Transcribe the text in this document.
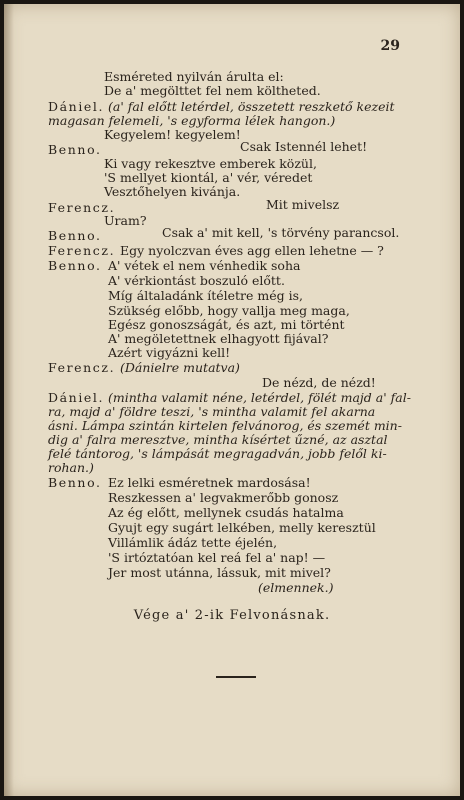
29
Esméreted nyilván árulta el:
De a' megölttet fel nem költheted.
Dániel. (a' fal előtt letérdel, összetett reszkető kezeit
magasan felemeli, 's egyforma lélek hangon.)
Kegyelem! kegyelem!
Benno.	Csak Istennél lehet!
Ki vagy rekesztve emberek közül,
'S mellyet kiontál, a' vér, véredet
Vesztőhelyen kivánja.
Ferencz.	Mit mivelsz
Uram?
Benno.	Csak a' mit kell, 's törvény parancsol.
Ferencz. Egy nyolczvan éves agg ellen lehetne — ?
Benno. A' vétek el nem vénhedik soha
A' vérkiontást boszuló előtt.
Míg általadánk ítéletre még is,
Szükség előbb, hogy vallja meg maga,
Egész gonoszságát, és azt, mi történt
A' megöletettnek elhagyott fijával?
Azért vigyázni kell!
Ferencz. (Dánielre mutatva)
De nézd, de nézd!
Dániel. (mintha valamit néne, letérdel, fölét majd a' fal-
ra, majd a' földre teszi, 's mintha valamit fel akarna
ásni. Lámpa szintán kirtelen felvánorog, és szemét min-
dig a' falra meresztve, mintha kísértet űzné, az asztal
felé tántorog, 's lámpását megragadván, jobb felől ki-
rohan.)
Benno. Ez lelki esméretnek mardosása!
Reszkessen a' legvakmerőbb gonosz
Az ég előtt, mellynek csudás hatalma
Gyujt egy sugárt lelkében, melly keresztül
Villámlik ádáz tette éjelén,
'S irtóztatóan kel reá fel a' nap! —
Jer most utánna, lássuk, mit mivel?
(elmennek.)
Vége a' 2-ik Felvonásnak.
